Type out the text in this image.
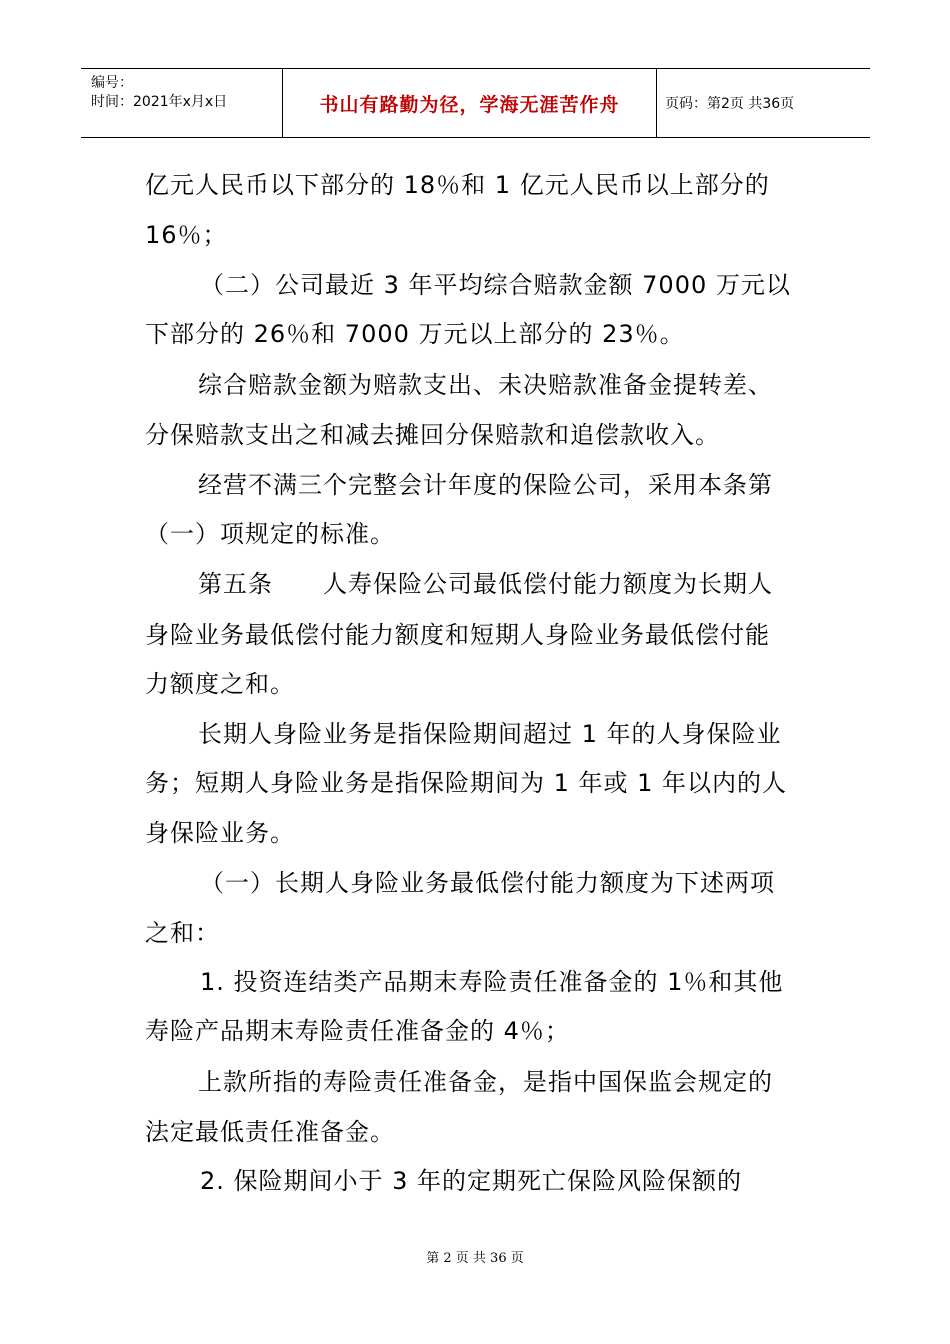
编号：
时间：2021年x月x日	书山有路勤为径，学海无涯苦作舟	页码：第2页 共36页
亿元人民币以下部分的 18％和 1 亿元人民币以上部分的
16％；
（二）公司最近 3 年平均综合赔款金额 7000 万元以
下部分的 26％和 7000 万元以上部分的 23％。
综合赔款金额为赔款支出、未决赔款准备金提转差、
分保赔款支出之和减去摊回分保赔款和追偿款收入。
经营不满三个完整会计年度的保险公司，采用本条第
（一）项规定的标准。
第五条　　人寿保险公司最低偿付能力额度为长期人
身险业务最低偿付能力额度和短期人身险业务最低偿付能
力额度之和。
长期人身险业务是指保险期间超过 1 年的人身保险业
务；短期人身险业务是指保险期间为 1 年或 1 年以内的人
身保险业务。
（一）长期人身险业务最低偿付能力额度为下述两项
之和：
1. 投资连结类产品期末寿险责任准备金的 1％和其他
寿险产品期末寿险责任准备金的 4％；
上款所指的寿险责任准备金，是指中国保监会规定的
法定最低责任准备金。
2. 保险期间小于 3 年的定期死亡保险风险保额的
第 2 页 共 36 页
